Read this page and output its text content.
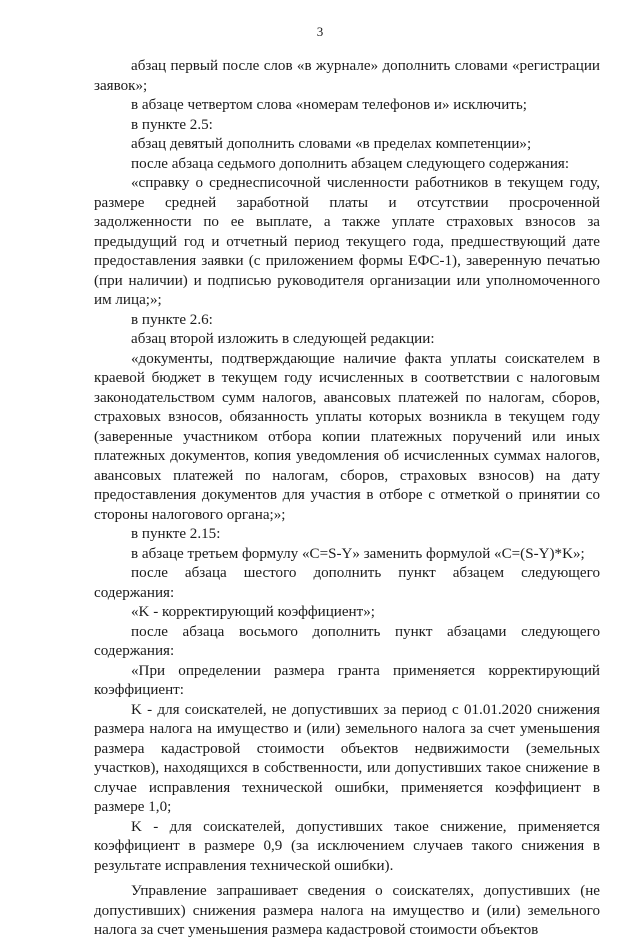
3

абзац первый после слов «в журнале» дополнить словами «регистрации заявок»;

в абзаце четвертом слова «номерам телефонов и» исключить;

в пункте 2.5:

абзац девятый дополнить словами «в пределах компетенции»;

после абзаца седьмого дополнить абзацем следующего содержания:

«справку о среднесписочной численности работников в текущем году, размере средней заработной платы и отсутствии просроченной задолженности по ее выплате, а также уплате страховых взносов за предыдущий год и отчетный период текущего года, предшествующий дате предоставления заявки (с приложением формы ЕФС-1), заверенную печатью (при наличии) и подписью руководителя организации или уполномоченного им лица;»;

в пункте 2.6:

абзац второй изложить в следующей редакции:

«документы, подтверждающие наличие факта уплаты соискателем в краевой бюджет в текущем году исчисленных в соответствии с налоговым законодательством сумм налогов, авансовых платежей по налогам, сборов, страховых взносов, обязанность уплаты которых возникла в текущем году (заверенные участником отбора копии платежных поручений или иных платежных документов, копия уведомления об исчисленных суммах налогов, авансовых платежей по налогам, сборов, страховых взносов) на дату предоставления документов для участия в отборе с отметкой о принятии со стороны налогового органа;»;

в пункте 2.15:

в абзаце третьем формулу «C=S-Y» заменить формулой «C=(S-Y)*K»;

после абзаца шестого дополнить пункт абзацем следующего содержания:

«K - корректирующий коэффициент»;

после абзаца восьмого дополнить пункт абзацами следующего содержания:

«При определении размера гранта применяется корректирующий коэффициент:

K - для соискателей, не допустивших за период с 01.01.2020 снижения размера налога на имущество и (или) земельного налога за счет уменьшения размера кадастровой стоимости объектов недвижимости (земельных участков), находящихся в собственности, или допустивших такое снижение в случае исправления технической ошибки, применяется коэффициент в размере 1,0;

K - для соискателей, допустивших такое снижение, применяется коэффициент в размере 0,9 (за исключением случаев такого снижения в результате исправления технической ошибки).

Управление запрашивает сведения о соискателях, допустивших (не допустивших) снижения размера налога на имущество и (или) земельного налога за счет уменьшения размера кадастровой стоимости объектов
